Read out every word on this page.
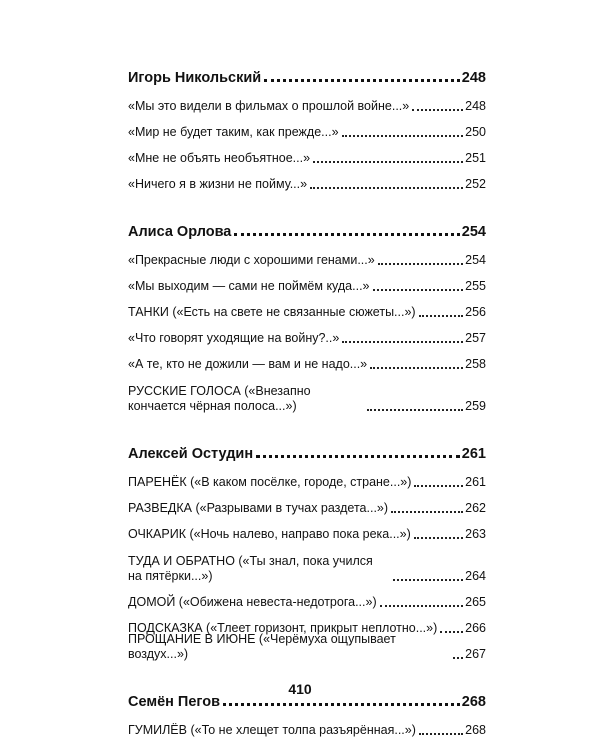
Игорь Никольский	248
«Мы это видели в фильмах о прошлой войне...»	248
«Мир не будет таким, как прежде...»	250
«Мне не объять необъятное...»	251
«Ничего я в жизни не пойму...»	252
Алиса Орлова	254
«Прекрасные люди с хорошими генами...»	254
«Мы выходим — сами не поймём куда...»	255
ТАНКИ («Есть на свете не связанные сюжеты...»)	256
«Что говорят уходящие на войну?..»	257
«А те, кто не дожили — вам и не надо...»	258
РУССКИЕ ГОЛОСА («Внезапно кончается чёрная полоса...»)	259
Алексей Остудин	261
ПАРЕНЁК («В каком посёлке, городе, стране...»)	261
РАЗВЕДКА («Разрывами в тучах раздета...»)	262
ОЧКАРИК («Ночь налево, направо пока река...»)	263
ТУДА И ОБРАТНО («Ты знал, пока учился на пятёрки...»)	264
ДОМОЙ («Обижена невеста-недотрога...»)	265
ПОДСКАЗКА («Тлеет горизонт, прикрыт неплотно...») 266
ПРОЩАНИЕ В ИЮНЕ («Черёмуха ощупывает воздух...»)	267
Семён Пегов	268
ГУМИЛЁВ («То не хлещет толпа разъярённая...»)	268
410
